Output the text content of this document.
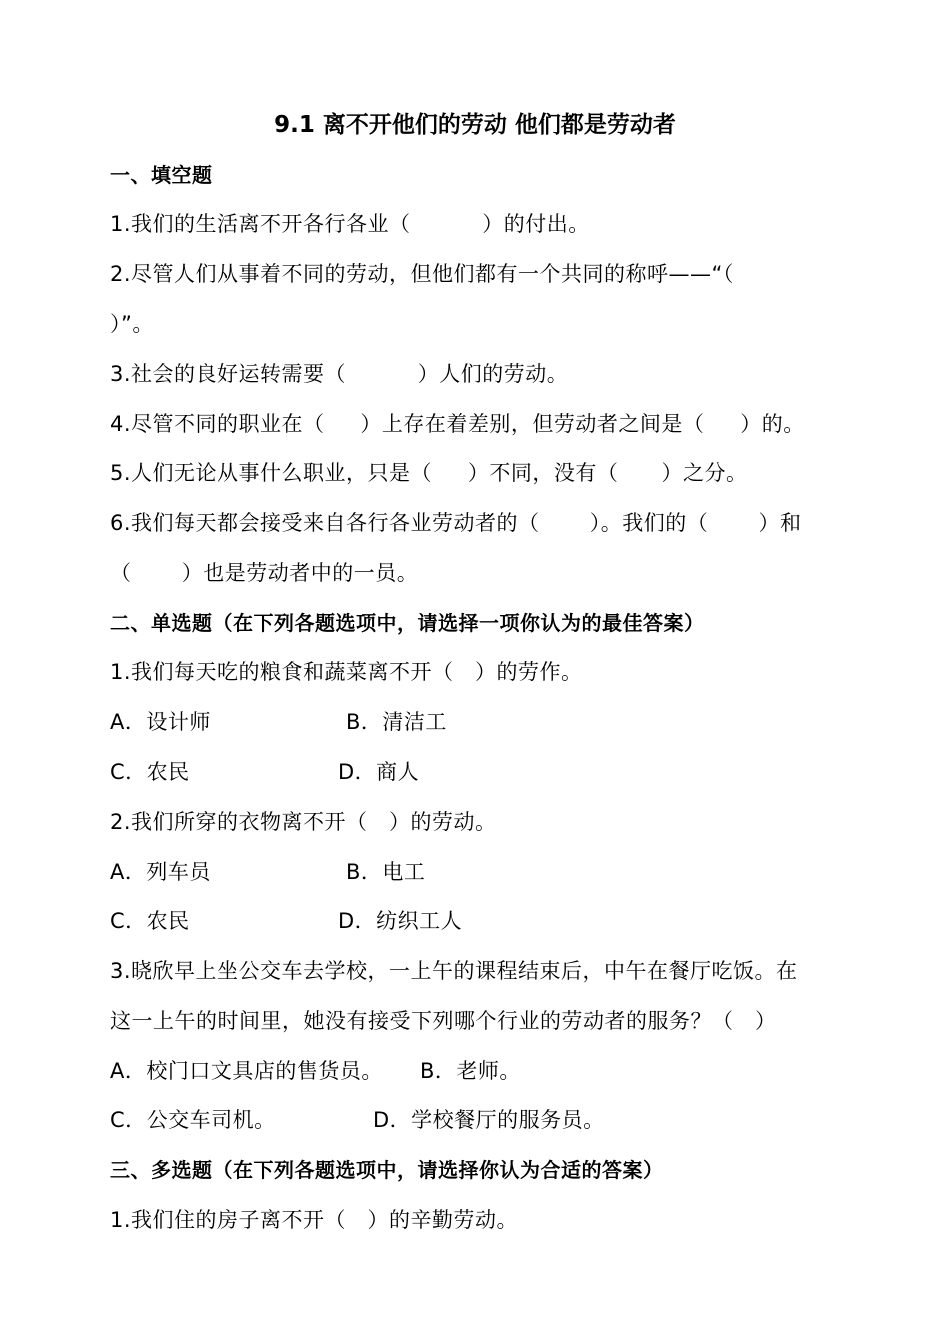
9.1 离不开他们的劳动 他们都是劳动者
一、填空题
1.我们的生活离不开各行各业（          ）的付出。
2.尽管人们从事着不同的劳动，但他们都有一个共同的称呼——“（
）”。
3.社会的良好运转需要（          ）人们的劳动。
4.尽管不同的职业在（     ）上存在着差别，但劳动者之间是（     ）的。
5.人们无论从事什么职业，只是（     ）不同，没有（      ）之分。
6.我们每天都会接受来自各行各业劳动者的（       ）。我们的（       ）和
（       ）也是劳动者中的一员。
二、单选题（在下列各题选项中，请选择一项你认为的最佳答案）
1.我们每天吃的粮食和蔬菜离不开（   ）的劳作。
A．设计师	B．清洁工
C．农民	D．商人
2.我们所穿的衣物离不开（   ）的劳动。
A．列车员	B．电工
C．农民	D．纺织工人
3.晓欣早上坐公交车去学校，一上午的课程结束后，中午在餐厅吃饭。在
这一上午的时间里，她没有接受下列哪个行业的劳动者的服务？（   ）
A．校门口文具店的售货员。 B．老师。
C．公交车司机。	D．学校餐厅的服务员。
三、多选题（在下列各题选项中，请选择你认为合适的答案）
1.我们住的房子离不开（   ）的辛勤劳动。
